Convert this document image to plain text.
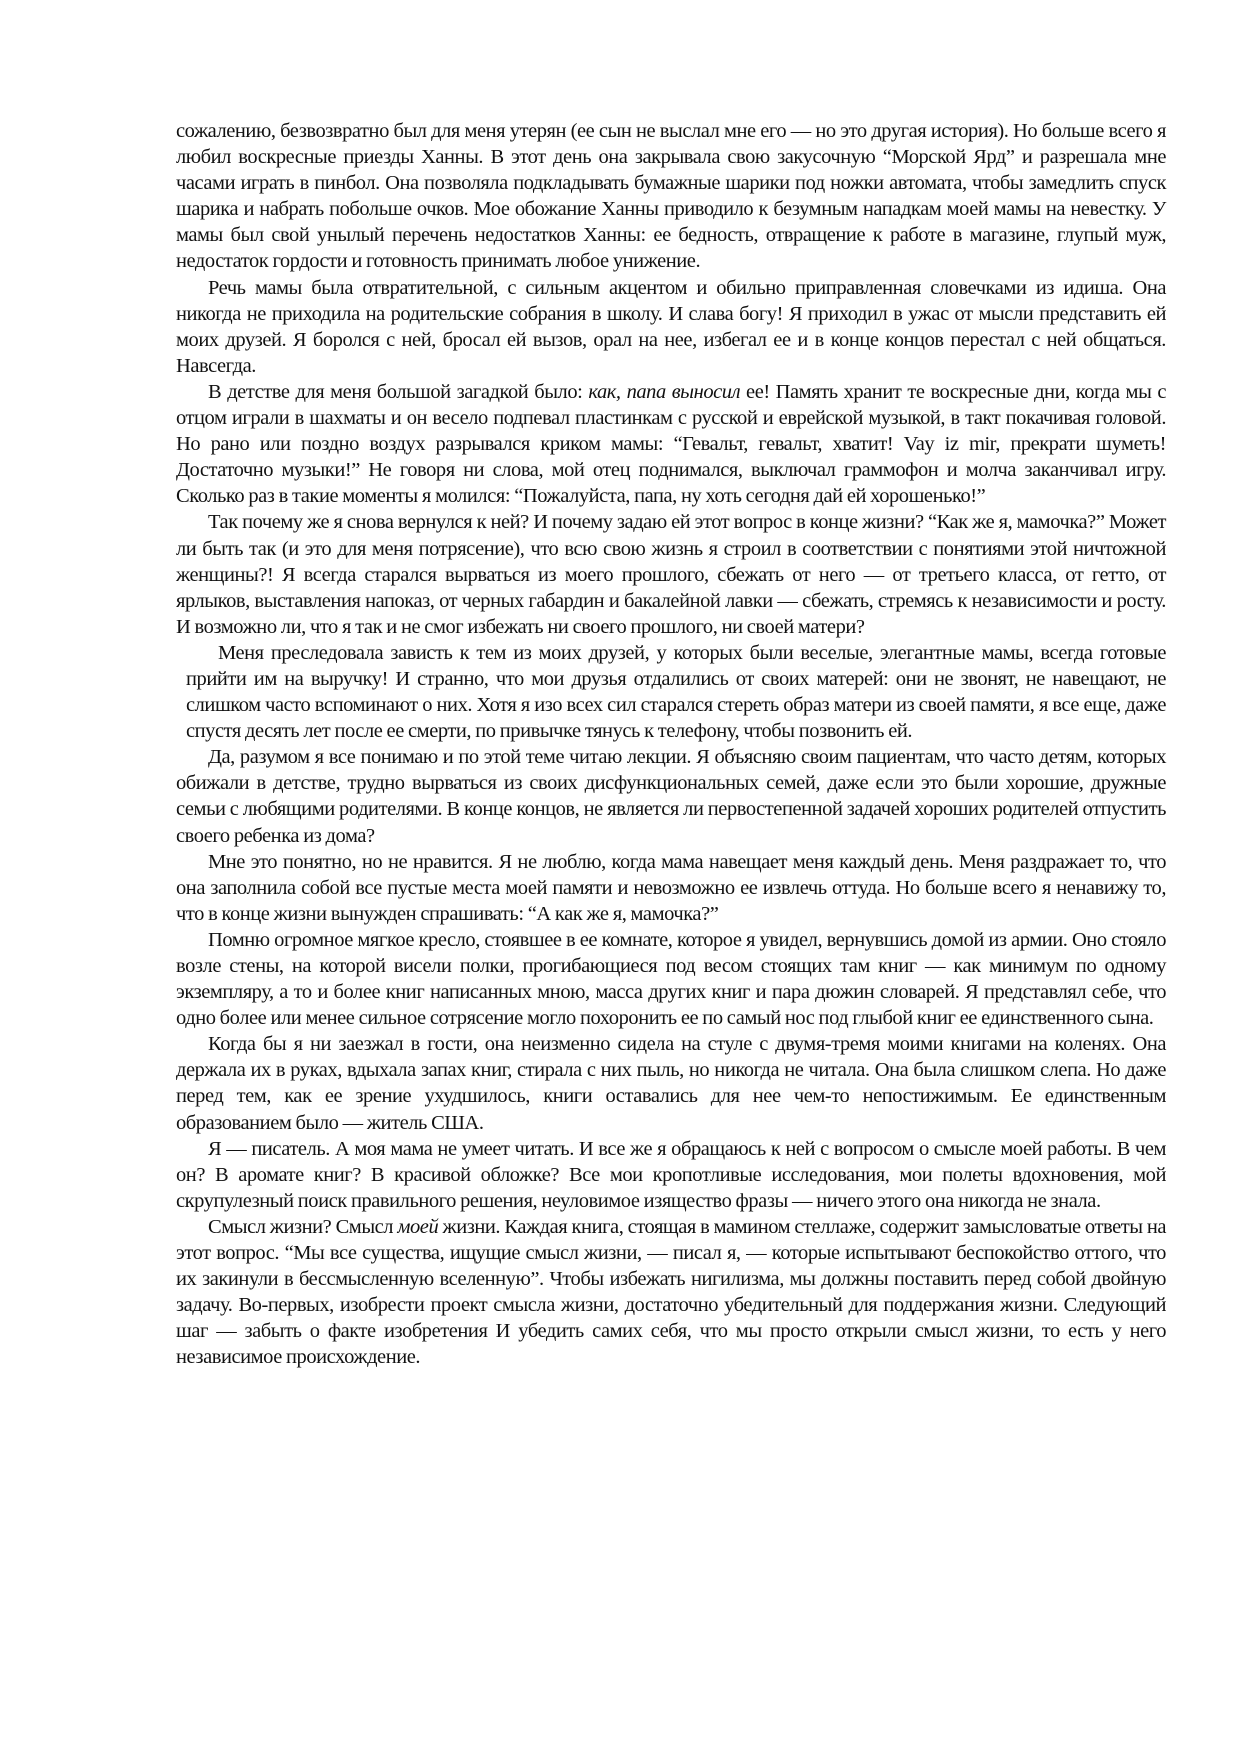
сожалению, безвозвратно был для меня утерян (ее сын не выслал мне его — но это другая история). Но больше всего я любил воскресные приезды Ханны. В этот день она закрывала свою закусочную “Морской Ярд” и разрешала мне часами играть в пинбол. Она позволяла подкладывать бумажные шарики под ножки автомата, чтобы замедлить спуск шарика и набрать побольше очков. Мое обожание Ханны приводило к безумным нападкам моей мамы на невестку. У мамы был свой унылый перечень недостатков Ханны: ее бедность, отвращение к работе в магазине, глупый муж, недостаток гордости и готовность принимать любое унижение.

Речь мамы была отвратительной, с сильным акцентом и обильно приправленная словечками из идиша. Она никогда не приходила на родительские собрания в школу. И слава богу! Я приходил в ужас от мысли представить ей моих друзей. Я боролся с ней, бросал ей вызов, орал на нее, избегал ее и в конце концов перестал с ней общаться. Навсегда.

В детстве для меня большой загадкой было: как, папа выносил ее! Память хранит те воскресные дни, когда мы с отцом играли в шахматы и он весело подпевал пластинкам с русской и еврейской музыкой, в такт покачивая головой. Но рано или поздно воздух разрывался криком мамы: “Гевальт, гевальт, хватит! Vay iz mir, прекрати шуметь! Достаточно музыки!” Не говоря ни слова, мой отец поднимался, выключал граммофон и молча заканчивал игру. Сколько раз в такие моменты я молился: “Пожалуйста, папа, ну хоть сегодня дай ей хорошенько!”

Так почему же я снова вернулся к ней? И почему задаю ей этот вопрос в конце жизни? “Как же я, мамочка?” Может ли быть так (и это для меня потрясение), что всю свою жизнь я строил в соответствии с понятиями этой ничтожной женщины?! Я всегда старался вырваться из моего прошлого, сбежать от него — от третьего класса, от гетто, от ярлыков, выставления напоказ, от черных габардин и бакалейной лавки — сбежать, стремясь к независимости и росту. И возможно ли, что я так и не смог избежать ни своего прошлого, ни своей матери?

Меня преследовала зависть к тем из моих друзей, у которых были веселые, элегантные мамы, всегда готовые прийти им на выручку! И странно, что мои друзья отдалились от своих матерей: они не звонят, не навещают, не слишком часто вспоминают о них. Хотя я изо всех сил старался стереть образ матери из своей памяти, я все еще, даже спустя десять лет после ее смерти, по привычке тянусь к телефону, чтобы позвонить ей.

Да, разумом я все понимаю и по этой теме читаю лекции. Я объясняю своим пациентам, что часто детям, которых обижали в детстве, трудно вырваться из своих дисфункциональных семей, даже если это были хорошие, дружные семьи с любящими родителями. В конце концов, не является ли первостепенной задачей хороших родителей отпустить своего ребенка из дома?

Мне это понятно, но не нравится. Я не люблю, когда мама навещает меня каждый день. Меня раздражает то, что она заполнила собой все пустые места моей памяти и невозможно ее извлечь оттуда. Но больше всего я ненавижу то, что в конце жизни вынужден спрашивать: “А как же я, мамочка?”

Помню огромное мягкое кресло, стоявшее в ее комнате, которое я увидел, вернувшись домой из армии. Оно стояло возле стены, на которой висели полки, прогибающиеся под весом стоящих там книг — как минимум по одному экземпляру, а то и более книг написанных мною, масса других книг и пара дюжин словарей. Я представлял себе, что одно более или менее сильное сотрясение могло похоронить ее по самый нос под глыбой книг ее единственного сына.

Когда бы я ни заезжал в гости, она неизменно сидела на стуле с двумя-тремя моими книгами на коленях. Она держала их в руках, вдыхала запах книг, стирала с них пыль, но никогда не читала. Она была слишком слепа. Но даже перед тем, как ее зрение ухудшилось, книги оставались для нее чем-то непостижимым. Ее единственным образованием было — житель США.

Я — писатель. А моя мама не умеет читать. И все же я обращаюсь к ней с вопросом о смысле моей работы. В чем он? В аромате книг? В красивой обложке? Все мои кропотливые исследования, мои полеты вдохновения, мой скрупулезный поиск правильного решения, неуловимое изящество фразы — ничего этого она никогда не знала.

Смысл жизни? Смысл моей жизни. Каждая книга, стоящая в мамином стеллаже, содержит замысловатые ответы на этот вопрос. “Мы все существа, ищущие смысл жизни, — писал я, — которые испытывают беспокойство оттого, что их закинули в бессмысленную вселенную”. Чтобы избежать нигилизма, мы должны поставить перед собой двойную задачу. Во-первых, изобрести проект смысла жизни, достаточно убедительный для поддержания жизни. Следующий шаг — забыть о факте изобретения И убедить самих себя, что мы просто открыли смысл жизни, то есть у него независимое происхождение.
